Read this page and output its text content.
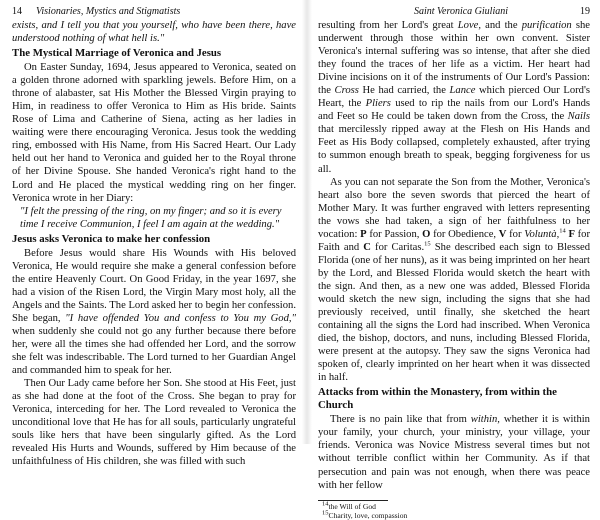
14 Visionaries, Mystics and Stigmatists

exists, and I tell you that you yourself, who have been there, have understood nothing of what hell is."

The Mystical Marriage of Veronica and Jesus

On Easter Sunday, 1694, Jesus appeared to Veronica, seated on a golden throne adorned with sparkling jewels. Before Him, on a throne of alabaster, sat His Mother the Blessed Virgin praying to Him, in readiness to offer Veronica to Him as His bride. Saints Rose of Lima and Catherine of Siena, acting as her ladies in waiting were there encouraging Veronica. Jesus took the wedding ring, embossed with His Name, from His Sacred Heart. Our Lady held out her hand to Veronica and guided her to the Royal throne of her Divine Spouse. She handed Veronica's right hand to the Lord and He placed the mystical wedding ring on her finger. Veronica wrote in her Diary:

"I felt the pressing of the ring, on my finger; and so it is every time I receive Communion, I feel I am again at the wedding."
Jesus asks Veronica to make her confession

Before Jesus would share His Wounds with His beloved Veronica, He would require she make a general confession before the entire Heavenly Court. On Good Friday, in the year 1697, she had a vision of the Risen Lord, the Virgin Mary most holy, all the Angels and the Saints. The Lord asked her to begin her confession. She began, "I have offended You and confess to You my God," when suddenly she could not go any further because there before her, were all the times she had offended her Lord, and the sorrow she felt was indescribable. The Lord turned to her Guardian Angel and commanded him to speak for her.

Then Our Lady came before her Son. She stood at His Feet, just as she had done at the foot of the Cross. She began to pray for Veronica, interceding for her. The Lord revealed to Veronica the unconditional love that He has for all souls, particularly ungrateful souls like hers that have been singularly gifted. As the Lord revealed His Hurts and Wounds, suffered by Him because of the unfaithfulness of His children, she was filled with such

Saint Veronica Giuliani	19

resulting from her Lord's great Love, and the purification she underwent through those within her own convent. Sister Veronica's internal suffering was so intense, that after she died they found the traces of her life as a victim. Her heart had Divine incisions on it of the instruments of Our Lord's Passion: the Cross He had carried, the Lance which pierced Our Lord's Heart, the Pliers used to rip the nails from our Lord's Hands and Feet so He could be taken down from the Cross, the Nails that mercilessly ripped away at the Flesh on His Hands and Feet as His Body collapsed, completely exhausted, after trying to summon enough breath to speak, begging forgiveness for us all.

As you can not separate the Son from the Mother, Veronica's heart also bore the seven swords that pierced the heart of Mother Mary. It was further engraved with letters representing the vows she had taken, a sign of her faithfulness to her vocation: P for Passion, O for Obedience, V for Voluntà,$^{14}$ F for Faith and C for Caritas.$^{15}$ She described each sign to Blessed Florida (one of her nuns), as it was being imprinted on her heart by the Lord, and Blessed Florida would sketch the heart with the sign. And then, as a new one was added, Blessed Florida would sketch the new sign, including the signs that she had previously received, until finally, she sketched the heart containing all the signs the Lord had inscribed. When Veronica died, the bishop, doctors, and nuns, including Blessed Florida, were present at the autopsy. They saw the signs Veronica had spoken of, clearly imprinted on her heart when it was dissected in half.

Attacks from within the Monastery, from within the Church

There is no pain like that from within, whether it is within your family, your church, your ministry, your village, your friends. Veronica was Novice Mistress several times but not without terrible conflict within her Community. As if that persecution and pain was not enough, when there was peace with her fellow

$^{14}$the Will of God
$^{15}$Charity, love, compassion
